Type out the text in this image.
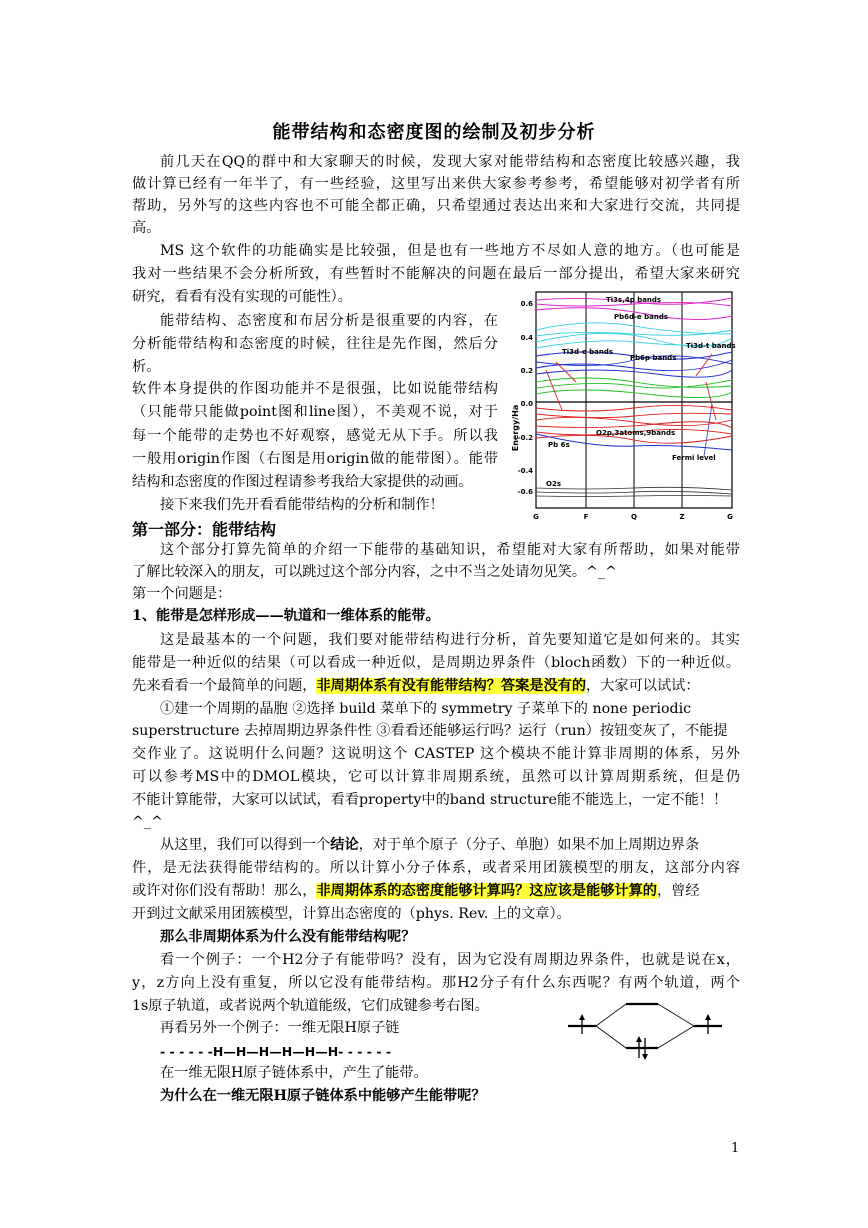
能带结构和态密度图的绘制及初步分析
前几天在QQ的群中和大家聊天的时候，发现大家对能带结构和态密度比较感兴趣，我
做计算已经有一年半了，有一些经验，这里写出来供大家参考参考，希望能够对初学者有所
帮助，另外写的这些内容也不可能全都正确，只希望通过表达出来和大家进行交流，共同提
高。
MS 这个软件的功能确实是比较强，但是也有一些地方不尽如人意的地方。（也可能是
我对一些结果不会分析所致，有些暂时不能解决的问题在最后一部分提出，希望大家来研究
研究，看看有没有实现的可能性）。
能带结构、态密度和布居分析是很重要的内容，在
分析能带结构和态密度的时候，往往是先作图，然后分
析。
软件本身提供的作图功能并不是很强，比如说能带结构
（只能带只能做point图和line图），不美观不说，对于
每一个能带的走势也不好观察，感觉无从下手。所以我
一般用origin作图（右图是用origin做的能带图）。能带
结构和态密度的作图过程请参考我给大家提供的动画。
接下来我们先开看看能带结构的分析和制作！
Energy/Ha
0.6
0.4
0.2
0.0
-0.2
-0.4
-0.6
G	F	Q	Z	G
Ti3s,4p bands
Pb6d-e bands
Ti3d-e bands
Pb6p bands
Ti3d-t bands
O2p,3atoms,9bands
Pb 6s
Fermi level
O2s
第一部分：能带结构
这个部分打算先简单的介绍一下能带的基础知识，希望能对大家有所帮助，如果对能带
了解比较深入的朋友，可以跳过这个部分内容，之中不当之处请勿见笑。^_^
第一个问题是：
1、能带是怎样形成——轨道和一维体系的能带。
这是最基本的一个问题，我们要对能带结构进行分析，首先要知道它是如何来的。其实
能带是一种近似的结果（可以看成一种近似，是周期边界条件（bloch函数）下的一种近似。
先来看看一个最简单的问题，非周期体系有没有能带结构？答案是没有的，大家可以试试：
①建一个周期的晶胞 ②选择 build 菜单下的 symmetry 子菜单下的 none periodic
superstructure 去掉周期边界条件性 ③看看还能够运行吗？运行（run）按钮变灰了，不能提
交作业了。这说明什么问题？这说明这个 CASTEP 这个模块不能计算非周期的体系，另外
可以参考MS中的DMOL模块，它可以计算非周期系统，虽然可以计算周期系统，但是仍
不能计算能带，大家可以试试，看看property中的band structure能不能选上，一定不能！！
^_^
从这里，我们可以得到一个结论，对于单个原子（分子、单胞）如果不加上周期边界条
件，是无法获得能带结构的。所以计算小分子体系，或者采用团簇模型的朋友，这部分内容
或许对你们没有帮助！那么，非周期体系的态密度能够计算吗？这应该是能够计算的，曾经
开到过文献采用团簇模型，计算出态密度的（phys. Rev. 上的文章）。
那么非周期体系为什么没有能带结构呢？
看一个例子：一个H2分子有能带吗？没有，因为它没有周期边界条件，也就是说在x，
y，z方向上没有重复，所以它没有能带结构。那H2分子有什么东西呢？有两个轨道，两个
1s原子轨道，或者说两个轨道能级，它们成键参考右图。
再看另外一个例子：一维无限H原子链
- - - - - -H—H—H—H—H—H- - - - - -
在一维无限H原子链体系中，产生了能带。
为什么在一维无限H原子链体系中能够产生能带呢？
1
